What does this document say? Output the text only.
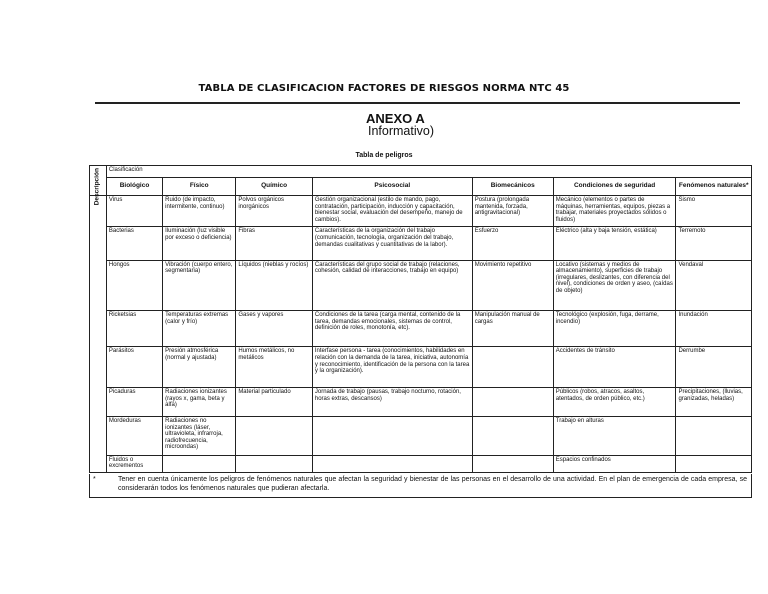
TABLA DE CLASIFICACION FACTORES DE RIESGOS NORMA NTC 45
ANEXO A
Informativo)
Tabla de peligros
	Clasificación						
	Biológico	Físico	Químico	Psicosocial	Biomecánicos	Condiciones de seguridad	Fenómenos naturales*

Descripción	Virus	Ruido (de impacto, intermitente, continuo)	Polvos orgánicos inorgánicos	Gestión organizacional (estilo de mando, pago, contratación, participación, inducción y capacitación, bienestar social, evaluación del desempeño, manejo de cambios).	Postura (prolongada mantenida, forzada, antigravitacional)	Mecánico (elementos o partes de máquinas, herramientas, equipos, piezas a trabajar, materiales proyectados sólidos o fluidos)	Sismo
	Bacterias	Iluminación (luz visible por exceso o deficiencia)	Fibras	Características de la organización del trabajo (comunicación, tecnología, organización del trabajo, demandas cualitativas y cuantitativas de la labor).	Esfuerzo	Eléctrico (alta y baja tensión, estática)	Terremoto
	Hongos	Vibración (cuerpo entero, segmentaria)	Líquidos (nieblas y rocíos)	Características del grupo social de trabajo (relaciones, cohesión, calidad de interacciones, trabajo en equipo)	Movimiento repetitivo	Locativo (sistemas y medios de almacenamiento), superficies de trabajo (irregulares, deslizantes, con diferencia del nivel), condiciones de orden y aseo, (caídas de objeto)	Vendaval
	Ricketsias	Temperaturas extremas (calor y frío)	Gases y vapores	Condiciones de la tarea (carga mental, contenido de la tarea, demandas emocionales, sistemas de control, definición de roles, monotonía, etc).	Manipulación manual de cargas	Tecnológico (explosión, fuga, derrame, incendio)	Inundación
	Parásitos	Presión atmosférica (normal y ajustada)	Humos metálicos, no metálicos	Interfase persona - tarea (conocimientos, habilidades en relación con la demanda de la tarea, iniciativa, autonomía y reconocimiento, identificación de la persona con la tarea y la organización).		Accidentes de tránsito	Derrumbe
	Picaduras	Radiaciones ionizantes (rayos x, gama, beta y alfa)	Material particulado	Jornada de trabajo (pausas, trabajo nocturno, rotación, horas extras, descansos)		Públicos (robos, atracos, asaltos, atentados, de orden público, etc.)	Precipitaciones, (lluvias, granizadas, heladas)
	Mordeduras	Radiaciones no ionizantes (láser, ultravioleta, infrarroja, radiofrecuencia, microondas)				Trabajo en alturas	
	Fluidos o excrementos					Espacios confinados	
*	Tener en cuenta únicamente los peligros de fenómenos naturales que afectan la seguridad y bienestar de las personas en el desarrollo de una actividad. En el plan de emergencia de cada empresa, se considerarán todos los fenómenos naturales que pudieran afectarla.
